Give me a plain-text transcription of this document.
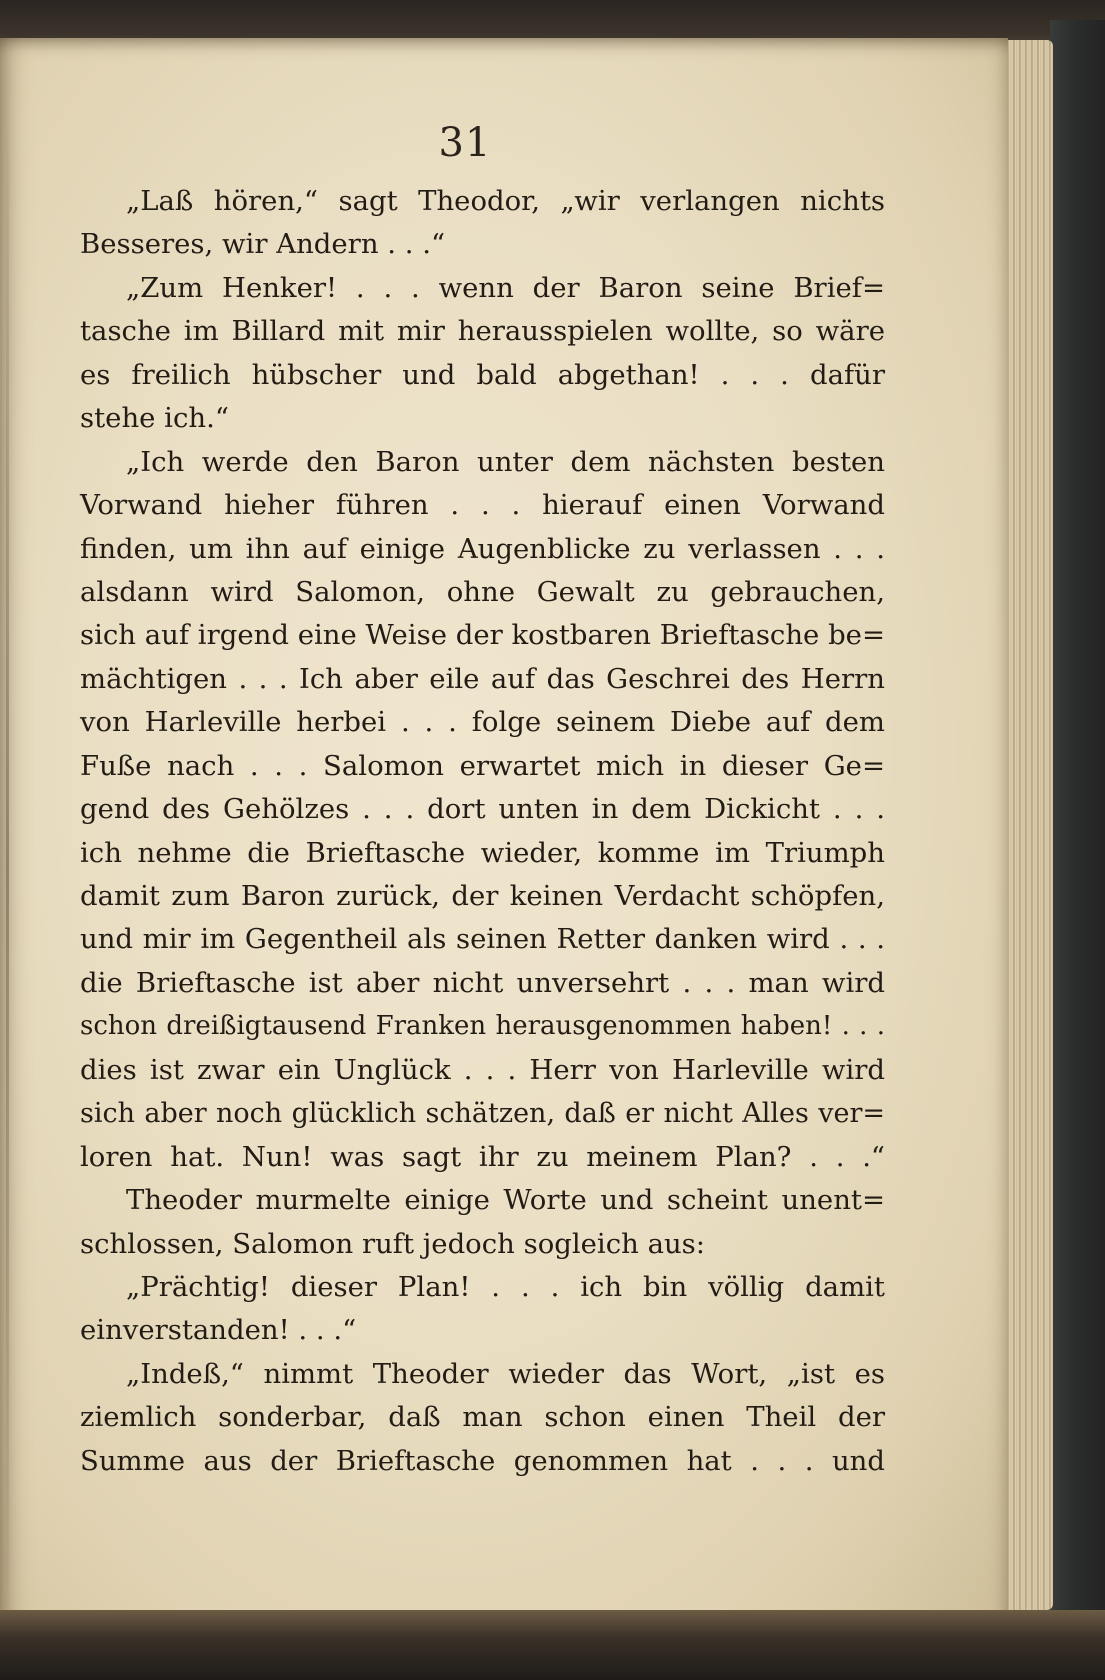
31
„Laß hören,“ sagt Theodor, „wir verlangen nichts
Besseres, wir Andern . . .“
„Zum Henker! . . . wenn der Baron seine Brief=
tasche im Billard mit mir herausspielen wollte, so wäre
es freilich hübscher und bald abgethan! . . . dafür
stehe ich.“
„Ich werde den Baron unter dem nächsten besten
Vorwand hieher führen . . . hierauf einen Vorwand
finden, um ihn auf einige Augenblicke zu verlassen . . .
alsdann wird Salomon, ohne Gewalt zu gebrauchen,
sich auf irgend eine Weise der kostbaren Brieftasche be=
mächtigen . . . Ich aber eile auf das Geschrei des Herrn
von Harleville herbei . . . folge seinem Diebe auf dem
Fuße nach . . . Salomon erwartet mich in dieser Ge=
gend des Gehölzes . . . dort unten in dem Dickicht . . .
ich nehme die Brieftasche wieder, komme im Triumph
damit zum Baron zurück, der keinen Verdacht schöpfen,
und mir im Gegentheil als seinen Retter danken wird . . .
die Brieftasche ist aber nicht unversehrt . . . man wird
schon dreißigtausend Franken herausgenommen haben! . . .
dies ist zwar ein Unglück . . . Herr von Harleville wird
sich aber noch glücklich schätzen, daß er nicht Alles ver=
loren hat. Nun! was sagt ihr zu meinem Plan? . . .“
Theoder murmelte einige Worte und scheint unent=
schlossen, Salomon ruft jedoch sogleich aus:
„Prächtig! dieser Plan! . . . ich bin völlig damit
einverstanden! . . .“
„Indeß,“ nimmt Theoder wieder das Wort, „ist es
ziemlich sonderbar, daß man schon einen Theil der
Summe aus der Brieftasche genommen hat . . . und
